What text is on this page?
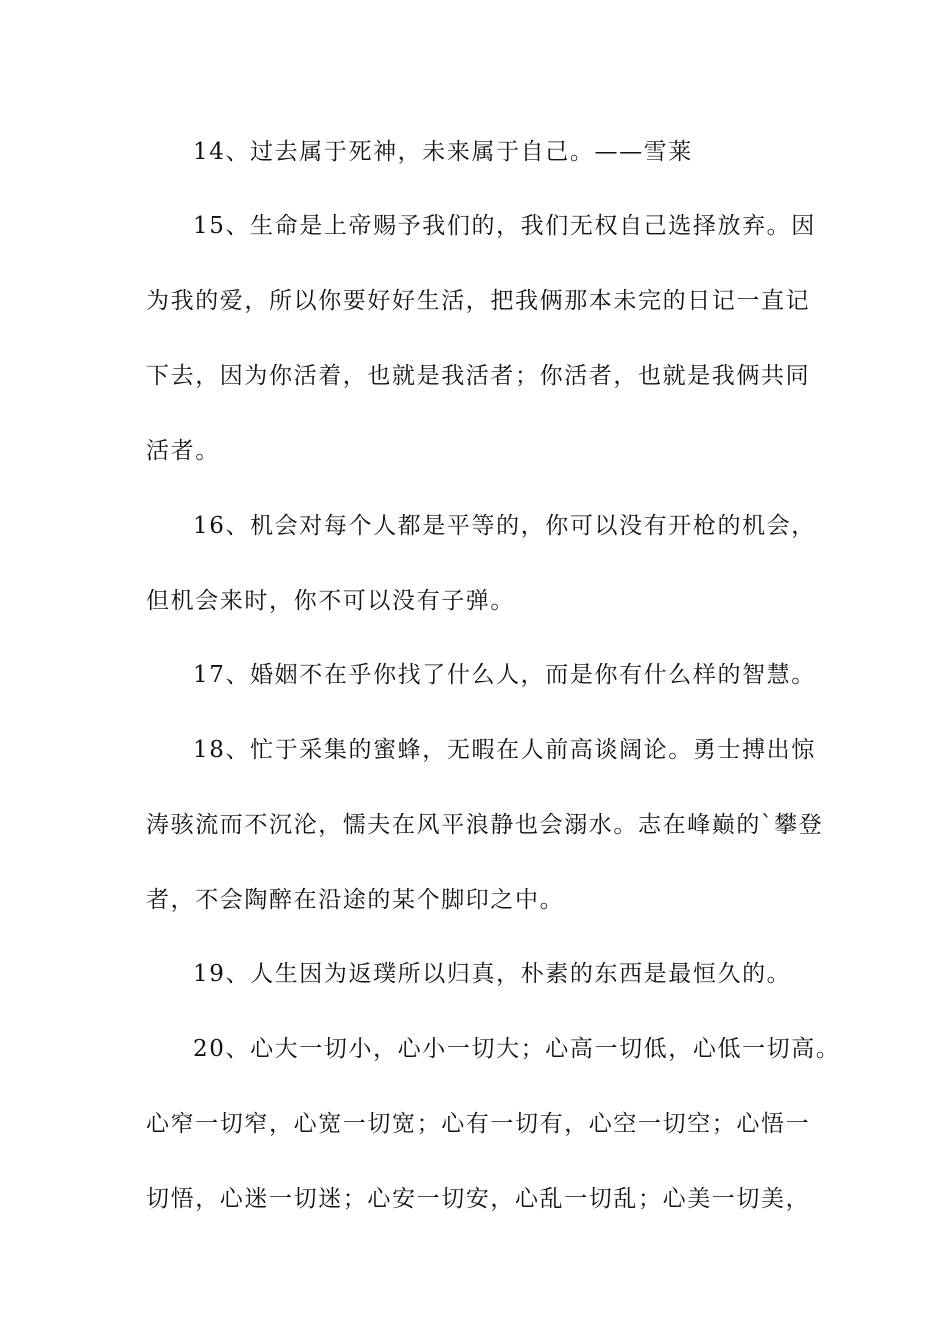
14、过去属于死神，未来属于自己。——雪莱

15、生命是上帝赐予我们的，我们无权自己选择放弃。因

为我的爱，所以你要好好生活，把我俩那本未完的日记一直记

下去，因为你活着，也就是我活者；你活者，也就是我俩共同

活者。

16、机会对每个人都是平等的，你可以没有开枪的机会，

但机会来时，你不可以没有子弹。

17、婚姻不在乎你找了什么人，而是你有什么样的智慧。

18、忙于采集的蜜蜂，无暇在人前高谈阔论。勇士搏出惊

涛骇流而不沉沦，懦夫在风平浪静也会溺水。志在峰巅的`攀登

者，不会陶醉在沿途的某个脚印之中。

19、人生因为返璞所以归真，朴素的东西是最恒久的。

20、心大一切小，心小一切大；心高一切低，心低一切高。

心窄一切窄，心宽一切宽；心有一切有，心空一切空；心悟一

切悟，心迷一切迷；心安一切安，心乱一切乱；心美一切美，
